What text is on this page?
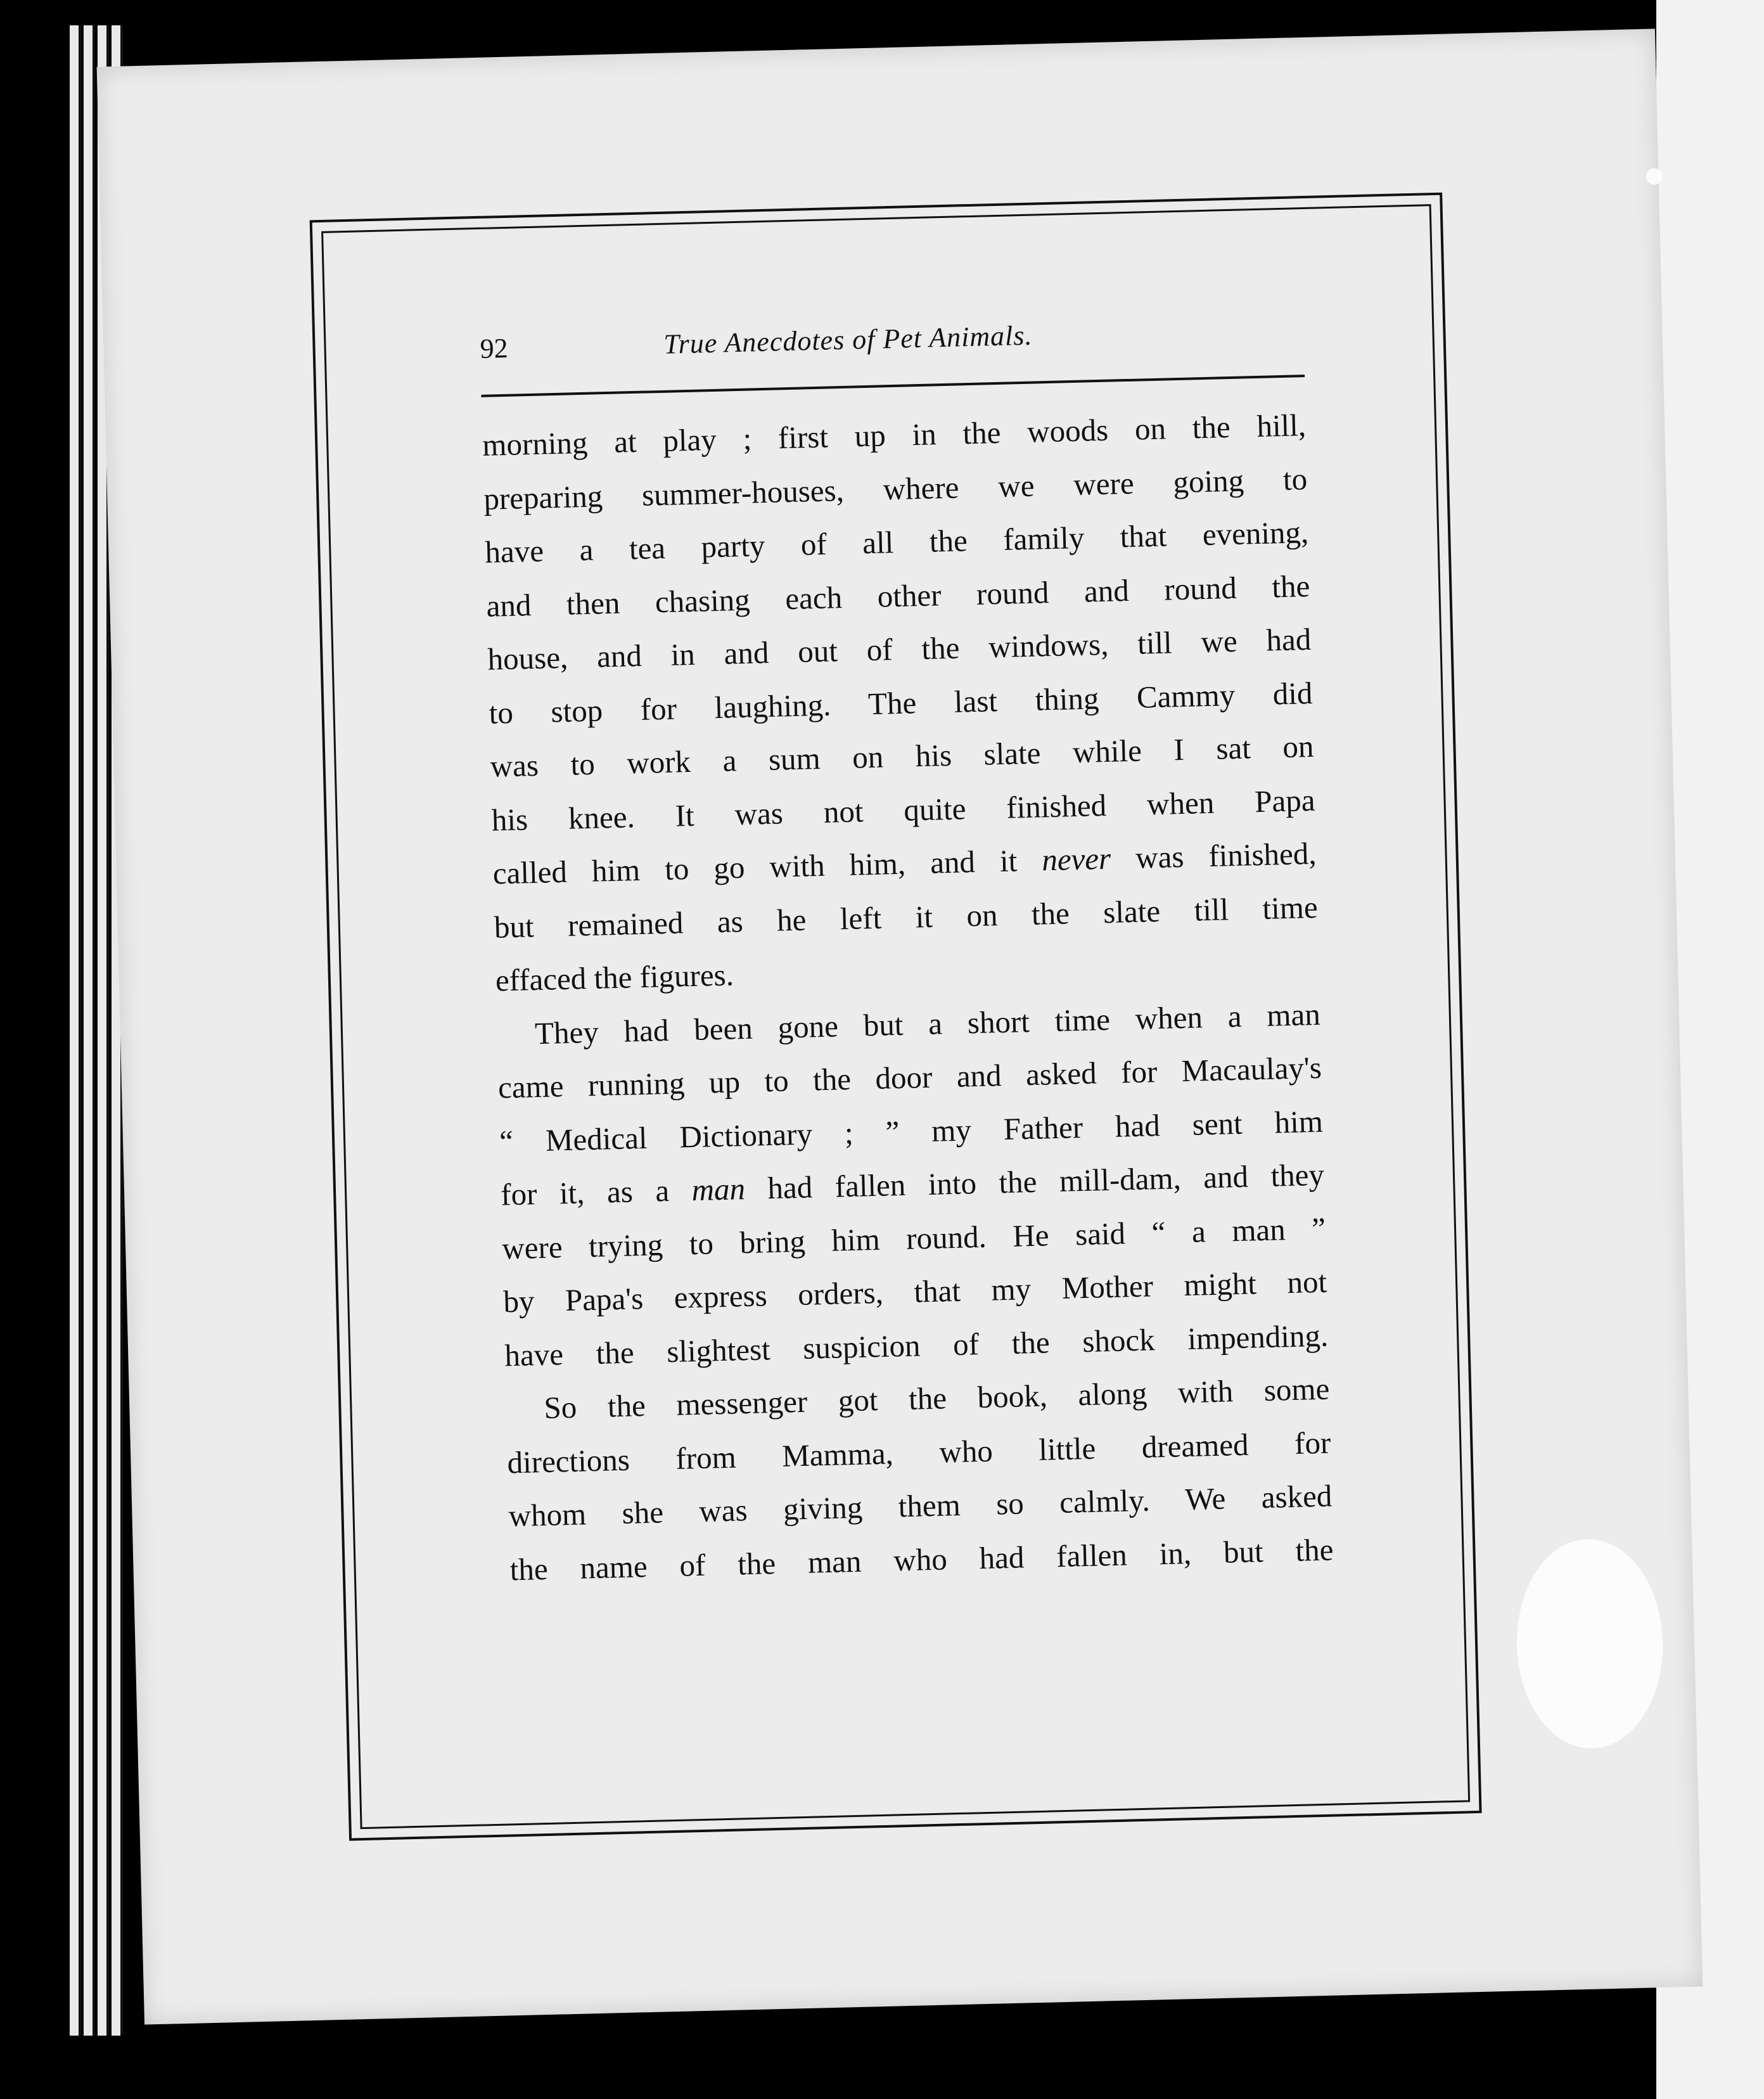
92	True Anecdotes of Pet Animals.
morning at play ; first up in the woods on the hill,
preparing summer-houses, where we were going to
have a tea party of all the family that evening,
and then chasing each other round and round the
house, and in and out of the windows, till we had
to stop for laughing. The last thing Cammy did
was to work a sum on his slate while I sat on
his knee. It was not quite finished when Papa
called him to go with him, and it never was finished,
but remained as he left it on the slate till time
effaced the figures.
They had been gone but a short time when a man
came running up to the door and asked for Macaulay's
“ Medical Dictionary ; ” my Father had sent him
for it, as a man had fallen into the mill-dam, and they
were trying to bring him round. He said “ a man ”
by Papa's express orders, that my Mother might not
have the slightest suspicion of the shock impending.
So the messenger got the book, along with some
directions from Mamma, who little dreamed for
whom she was giving them so calmly. We asked
the name of the man who had fallen in, but the
